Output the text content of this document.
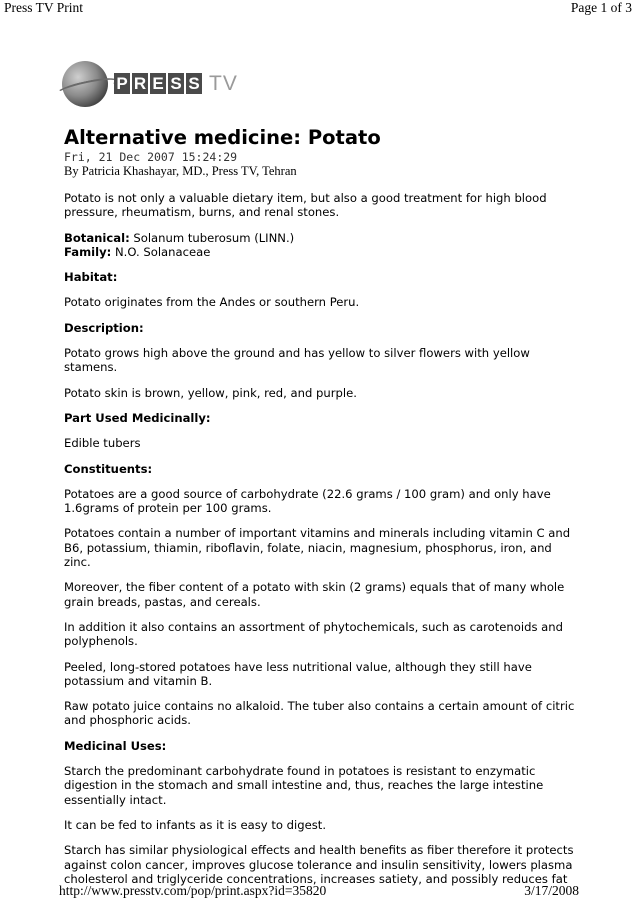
Press TV Print	Page 1 of 3
P R E S S TV
Alternative medicine: Potato

Fri, 21 Dec 2007 15:24:29

By Patricia Khashayar, MD., Press TV, Tehran

Potato is not only a valuable dietary item, but also a good treatment for high blood pressure, rheumatism, burns, and renal stones.

Botanical: Solanum tuberosum (LINN.)
Family: N.O. Solanaceae

Habitat:

Potato originates from the Andes or southern Peru.

Description:

Potato grows high above the ground and has yellow to silver flowers with yellow stamens.

Potato skin is brown, yellow, pink, red, and purple.

Part Used Medicinally:

Edible tubers

Constituents:

Potatoes are a good source of carbohydrate (22.6 grams / 100 gram) and only have 1.6grams of protein per 100 grams.

Potatoes contain a number of important vitamins and minerals including vitamin C and B6, potassium, thiamin, riboflavin, folate, niacin, magnesium, phosphorus, iron, and zinc.

Moreover, the fiber content of a potato with skin (2 grams) equals that of many whole grain breads, pastas, and cereals.

In addition it also contains an assortment of phytochemicals, such as carotenoids and polyphenols.

Peeled, long-stored potatoes have less nutritional value, although they still have potassium and vitamin B.

Raw potato juice contains no alkaloid. The tuber also contains a certain amount of citric and phosphoric acids.

Medicinal Uses:

Starch the predominant carbohydrate found in potatoes is resistant to enzymatic digestion in the stomach and small intestine and, thus, reaches the large intestine essentially intact.

It can be fed to infants as it is easy to digest.

Starch has similar physiological effects and health benefits as fiber therefore it protects against colon cancer, improves glucose tolerance and insulin sensitivity, lowers plasma cholesterol and triglyceride concentrations, increases satiety, and possibly reduces fat

http://www.presstv.com/pop/print.aspx?id=35820	3/17/2008
